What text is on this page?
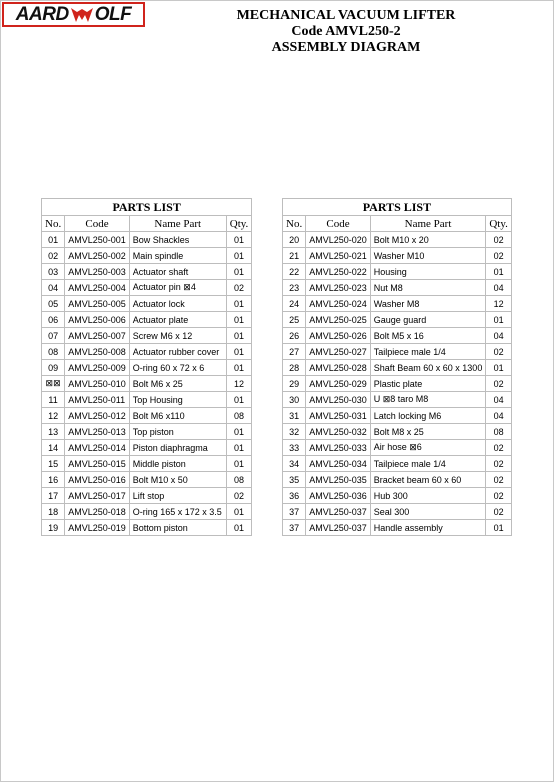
AARD OLF	MECHANICAL VACUUM LIFTER
Code AMVL250-2
ASSEMBLY DIAGRAM
PARTS LIST			
No.	Code	Name Part	Qty.
01	AMVL250-001	Bow Shackles	01
02	AMVL250-002	Main spindle	01
03	AMVL250-003	Actuator shaft	01
04	AMVL250-004	Actuator pin ⊠4	02
05	AMVL250-005	Actuator lock	01
06	AMVL250-006	Actuator plate	01
07	AMVL250-007	Screw M6 x 12	01
08	AMVL250-008	Actuator rubber cover	01
09	AMVL250-009	O-ring 60 x 72 x 6	01
⊠⊠	AMVL250-010	Bolt M6 x 25	12
11	AMVL250-011	Top Housing	01
12	AMVL250-012	Bolt M6 x110	08
13	AMVL250-013	Top piston	01
14	AMVL250-014	Piston diaphragma	01
15	AMVL250-015	Middle piston	01
16	AMVL250-016	Bolt M10 x 50	08
17	AMVL250-017	Lift stop	02
18	AMVL250-018	O-ring 165 x 172 x 3.5	01
19	AMVL250-019	Bottom piston	01
PARTS LIST			
No.	Code	Name Part	Qty.
20	AMVL250-020	Bolt M10 x 20	02
21	AMVL250-021	Washer M10	02
22	AMVL250-022	Housing	01
23	AMVL250-023	Nut M8	04
24	AMVL250-024	Washer M8	12
25	AMVL250-025	Gauge guard	01
26	AMVL250-026	Bolt M5 x 16	04
27	AMVL250-027	Tailpiece male 1/4	02
28	AMVL250-028	Shaft Beam 60 x 60 x 1300	01
29	AMVL250-029	Plastic plate	02
30	AMVL250-030	U ⊠8 taro M8	04
31	AMVL250-031	Latch locking M6	04
32	AMVL250-032	Bolt M8 x 25	08
33	AMVL250-033	Air hose ⊠6	02
34	AMVL250-034	Tailpiece male 1/4	02
35	AMVL250-035	Bracket beam 60 x 60	02
36	AMVL250-036	Hub 300	02
37	AMVL250-037	Seal 300	02
37	AMVL250-037	Handle assembly	01
